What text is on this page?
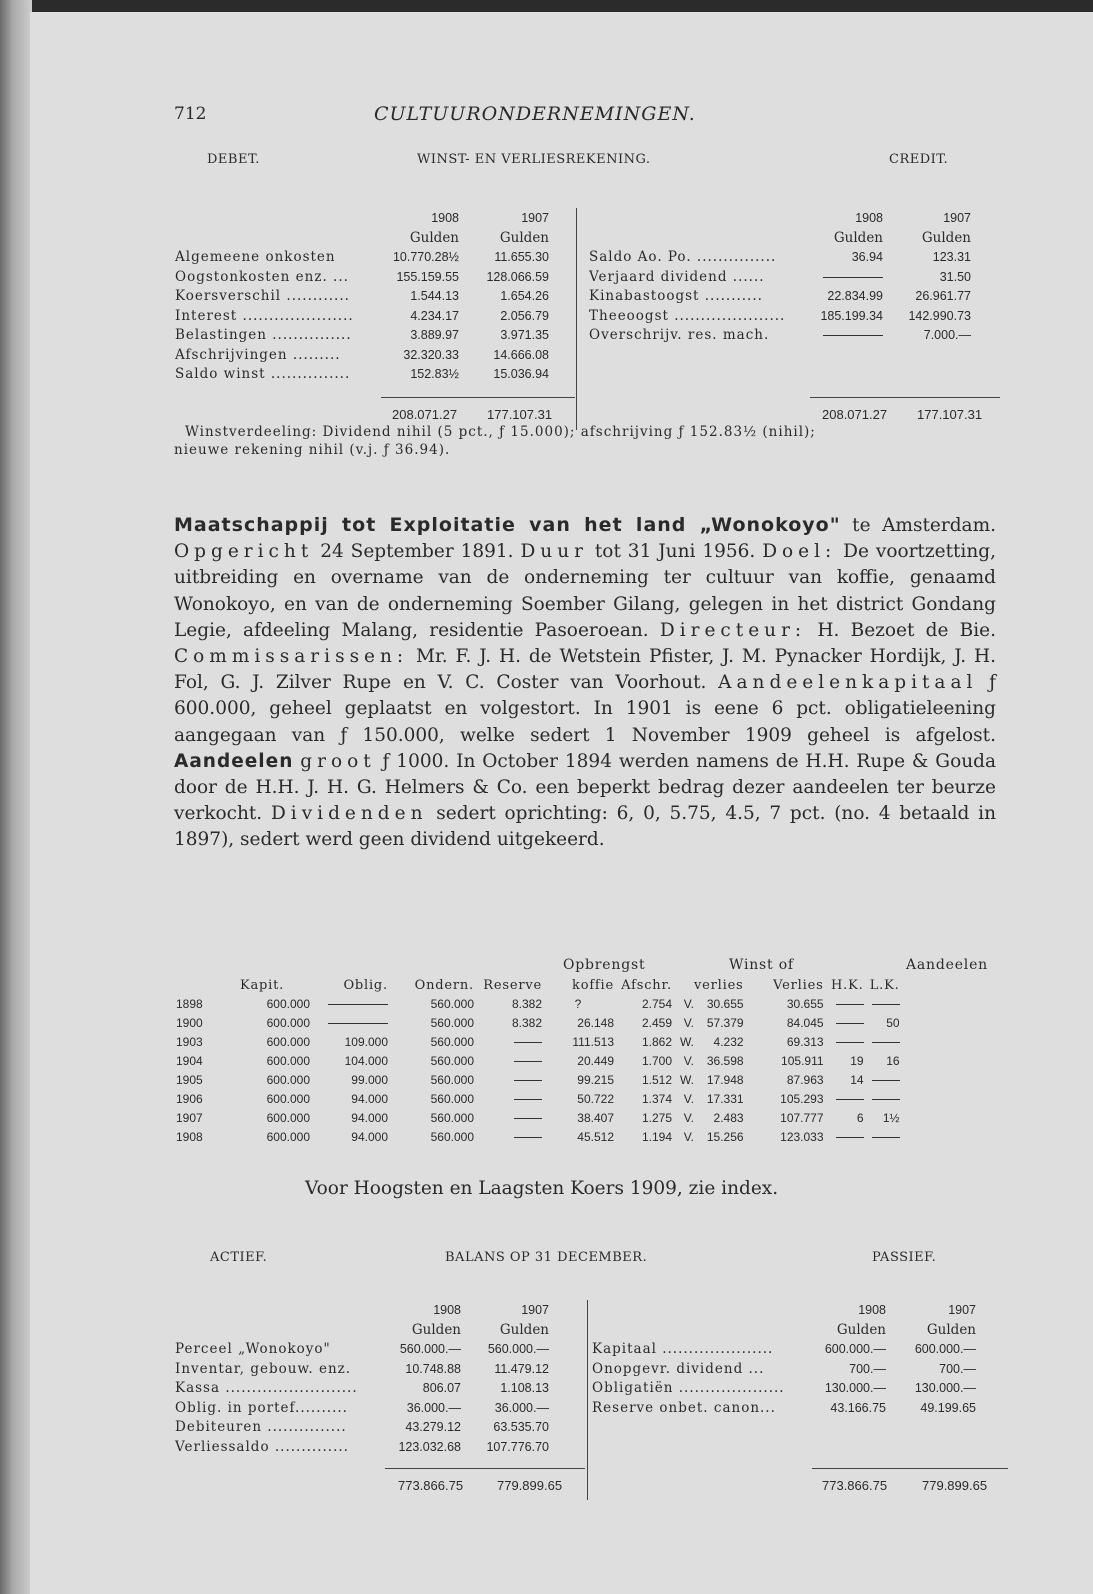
712	CULTUURONDERNEMINGEN.
DEBET.	WINST- EN VERLIESREKENING.	CREDIT.
	1908	1907
	Gulden	Gulden
Algemeene onkosten	10.770.28½	11.655.30
Oogstonkosten enz. ...	155.159.55	128.066.59
Koersverschil ............	1.544.13	1.654.26
Interest .....................	4.234.17	2.056.79
Belastingen ...............	3.889.97	3.971.35
Afschrijvingen .........	32.320.33	14.666.08
Saldo winst ...............	152.83½	15.036.94
	1908	1907
	Gulden	Gulden
Saldo Ao. Po. ...............	36.94	123.31
Verjaard dividend ......		31.50
Kinabastoogst ...........	22.834.99	26.961.77
Theeoogst .....................	185.199.34	142.990.73
Overschrijv. res. mach.		7.000.—
208.071.27 177.107.31	208.071.27 177.107.31
Winstverdeeling: Dividend nihil (5 pct., ƒ 15.000); afschrijving ƒ 152.83½ (nihil);
nieuwe rekening nihil (v.j. ƒ 36.94).
Maatschappij tot Exploitatie van het land „Wonokoyo" te Amsterdam. Opgericht 24 September 1891. Duur tot 31 Juni 1956. Doel: De voortzetting, uitbreiding en overname van de onderneming ter cultuur van koffie, genaamd Wonokoyo, en van de onderneming Soember Gilang, gelegen in het district Gondang Legie, afdeeling Malang, residentie Pasoeroean. Directeur: H. Bezoet de Bie. Commissarissen: Mr. F. J. H. de Wetstein Pfister, J. M. Pynacker Hordijk, J. H. Fol, G. J. Zilver Rupe en V. C. Coster van Voorhout. Aandeelenkapitaal ƒ 600.000, geheel geplaatst en volgestort. In 1901 is eene 6 pct. obligatieleening aangegaan van ƒ 150.000, welke sedert 1 November 1909 geheel is afgelost. Aandeelen groot ƒ 1000. In October 1894 werden namens de H.H. Rupe & Gouda door de H.H. J. H. G. Helmers & Co. een beperkt bedrag dezer aandeelen ter beurze verkocht. Dividenden sedert oprichting: 6, 0, 5.75, 4.5, 7 pct. (no. 4 betaald in 1897), sedert werd geen dividend uitgekeerd.
Opbrengst	Winst of	Aandeelen
	Kapit.	Oblig.	Ondern.	Reserve	koffie	Afschr.		verlies	Verlies	H.K.	L.K.
1898	600.000		560.000	8.382	?	2.754	V.	30.655	30.655		
1900	600.000		560.000	8.382	26.148	2.459	V.	57.379	84.045		50
1903	600.000	109.000	560.000		111.513	1.862	W.	4.232	69.313		
1904	600.000	104.000	560.000		20.449	1.700	V.	36.598	105.911	19	16
1905	600.000	99.000	560.000		99.215	1.512	W.	17.948	87.963	14	
1906	600.000	94.000	560.000		50.722	1.374	V.	17.331	105.293		
1907	600.000	94.000	560.000		38.407	1.275	V.	2.483	107.777	6	1½
1908	600.000	94.000	560.000		45.512	1.194	V.	15.256	123.033		
Voor Hoogsten en Laagsten Koers 1909, zie index.
ACTIEF.	BALANS OP 31 DECEMBER.	PASSIEF.
	1908	1907
	Gulden	Gulden
Perceel „Wonokoyo"	560.000.—	560.000.—
Inventar, gebouw. enz.	10.748.88	11.479.12
Kassa .........................	806.07	1.108.13
Oblig. in portef..........	36.000.—	36.000.—
Debiteuren ...............	43.279.12	63.535.70
Verliessaldo ..............	123.032.68	107.776.70
	1908	1907
	Gulden	Gulden
Kapitaal .....................	600.000.—	600.000.—
Onopgevr. dividend ...	700.—	700.—
Obligatiën ....................	130.000.—	130.000.—
Reserve onbet. canon...	43.166.75	49.199.65
773.866.75	779.899.65	773.866.75	779.899.65
